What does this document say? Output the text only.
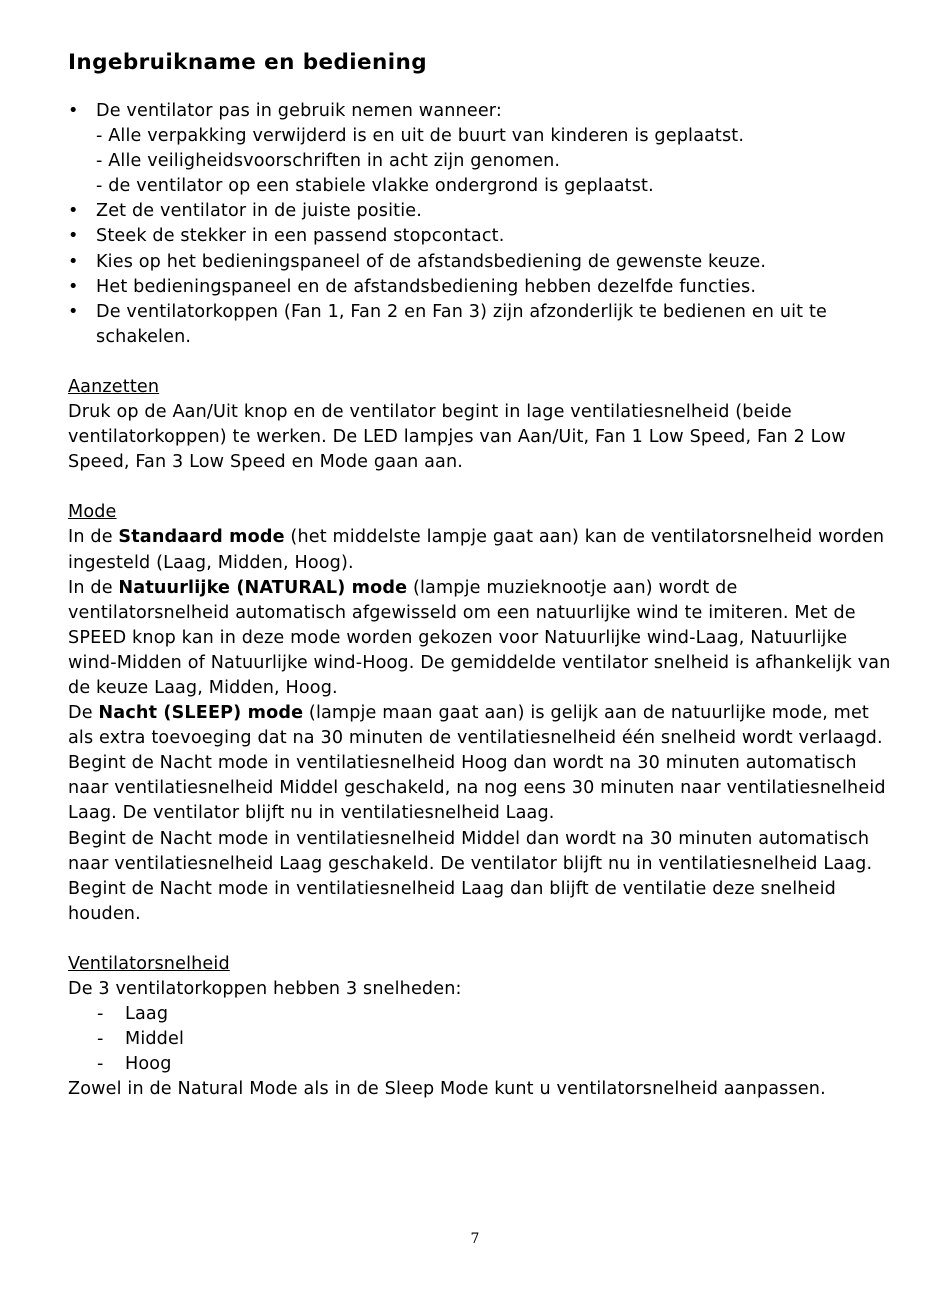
Ingebruikname en bediening
• De ventilator pas in gebruik nemen wanneer:
- Alle verpakking verwijderd is en uit de buurt van kinderen is geplaatst.
- Alle veiligheidsvoorschriften in acht zijn genomen.
- de ventilator op een stabiele vlakke ondergrond is geplaatst.
• Zet de ventilator in de juiste positie.
• Steek de stekker in een passend stopcontact.
• Kies op het bedieningspaneel of de afstandsbediening de gewenste keuze.
• Het bedieningspaneel en de afstandsbediening hebben dezelfde functies.
• De ventilatorkoppen (Fan 1, Fan 2 en Fan 3) zijn afzonderlijk te bedienen en uit te schakelen.
Aanzetten

Druk op de Aan/Uit knop en de ventilator begint in lage ventilatiesnelheid (beide ventilatorkoppen) te werken. De LED lampjes van Aan/Uit, Fan 1 Low Speed, Fan 2 Low Speed, Fan 3 Low Speed en Mode gaan aan.

Mode

In de Standaard mode (het middelste lampje gaat aan) kan de ventilatorsnelheid worden ingesteld (Laag, Midden, Hoog).

In de Natuurlijke (NATURAL) mode (lampje muzieknootje aan) wordt de ventilatorsnelheid automatisch afgewisseld om een natuurlijke wind te imiteren. Met de SPEED knop kan in deze mode worden gekozen voor Natuurlijke wind-Laag, Natuurlijke wind-Midden of Natuurlijke wind-Hoog. De gemiddelde ventilator snelheid is afhankelijk van de keuze Laag, Midden, Hoog.

De Nacht (SLEEP) mode (lampje maan gaat aan) is gelijk aan de natuurlijke mode, met als extra toevoeging dat na 30 minuten de ventilatiesnelheid één snelheid wordt verlaagd.

Begint de Nacht mode in ventilatiesnelheid Hoog dan wordt na 30 minuten automatisch naar ventilatiesnelheid Middel geschakeld, na nog eens 30 minuten naar ventilatiesnelheid Laag. De ventilator blijft nu in ventilatiesnelheid Laag.

Begint de Nacht mode in ventilatiesnelheid Middel dan wordt na 30 minuten automatisch naar ventilatiesnelheid Laag geschakeld. De ventilator blijft nu in ventilatiesnelheid Laag.

Begint de Nacht mode in ventilatiesnelheid Laag dan blijft de ventilatie deze snelheid houden.

Ventilatorsnelheid

De 3 ventilatorkoppen hebben 3 snelheden:

- Laag
- Middel
- Hoog

Zowel in de Natural Mode als in de Sleep Mode kunt u ventilatorsnelheid aanpassen.

7
